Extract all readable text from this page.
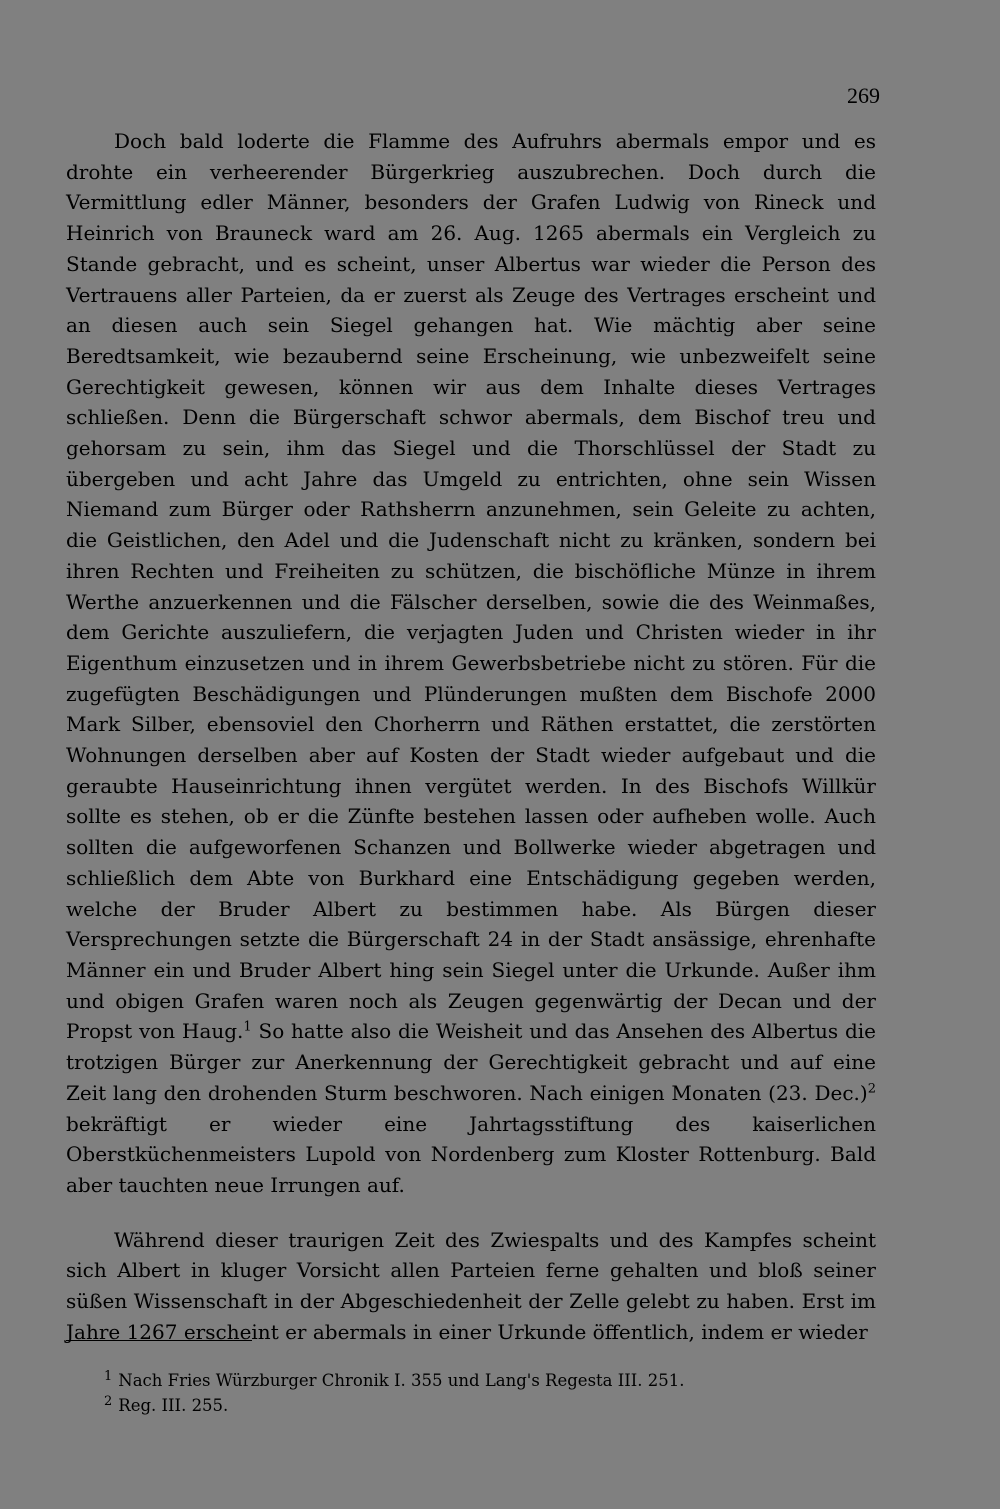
269

Doch bald loderte die Flamme des Aufruhrs abermals empor und es drohte ein verheerender Bürgerkrieg auszubrechen. Doch durch die Vermittlung edler Männer, besonders der Grafen Ludwig von Rineck und Heinrich von Brauneck ward am 26. Aug. 1265 abermals ein Vergleich zu Stande gebracht, und es scheint, unser Albertus war wieder die Person des Vertrauens aller Parteien, da er zuerst als Zeuge des Vertrages erscheint und an diesen auch sein Siegel gehangen hat. Wie mächtig aber seine Beredtsamkeit, wie bezaubernd seine Erscheinung, wie unbezweifelt seine Gerechtigkeit gewesen, können wir aus dem Inhalte dieses Vertrages schließen. Denn die Bürgerschaft schwor abermals, dem Bischof treu und gehorsam zu sein, ihm das Siegel und die Thorschlüssel der Stadt zu übergeben und acht Jahre das Umgeld zu entrichten, ohne sein Wissen Niemand zum Bürger oder Rathsherrn anzunehmen, sein Geleite zu achten, die Geistlichen, den Adel und die Judenschaft nicht zu kränken, sondern bei ihren Rechten und Freiheiten zu schützen, die bischöfliche Münze in ihrem Werthe anzuerkennen und die Fälscher derselben, sowie die des Weinmaßes, dem Gerichte auszuliefern, die verjagten Juden und Christen wieder in ihr Eigenthum einzusetzen und in ihrem Gewerbsbetriebe nicht zu stören. Für die zugefügten Beschädigungen und Plünderungen mußten dem Bischofe 2000 Mark Silber, ebensoviel den Chorherrn und Räthen erstattet, die zerstörten Wohnungen derselben aber auf Kosten der Stadt wieder aufgebaut und die geraubte Hauseinrichtung ihnen vergütet werden. In des Bischofs Willkür sollte es stehen, ob er die Zünfte bestehen lassen oder aufheben wolle. Auch sollten die aufgeworfenen Schanzen und Bollwerke wieder abgetragen und schließlich dem Abte von Burkhard eine Entschädigung gegeben werden, welche der Bruder Albert zu bestimmen habe. Als Bürgen dieser Versprechungen setzte die Bürgerschaft 24 in der Stadt ansässige, ehrenhafte Männer ein und Bruder Albert hing sein Siegel unter die Urkunde. Außer ihm und obigen Grafen waren noch als Zeugen gegenwärtig der Decan und der Propst von Haug.$^1$ So hatte also die Weisheit und das Ansehen des Albertus die trotzigen Bürger zur Anerkennung der Gerechtigkeit gebracht und auf eine Zeit lang den drohenden Sturm beschworen. Nach einigen Monaten (23. Dec.)$^2$ bekräftigt er wieder eine Jahrtagsstiftung des kaiserlichen Oberstküchenmeisters Lupold von Nordenberg zum Kloster Rottenburg. Bald aber tauchten neue Irrungen auf.

Während dieser traurigen Zeit des Zwiespalts und des Kampfes scheint sich Albert in kluger Vorsicht allen Parteien ferne gehalten und bloß seiner süßen Wissenschaft in der Abgeschiedenheit der Zelle gelebt zu haben. Erst im Jahre 1267 erscheint er abermals in einer Urkunde öffentlich, indem er wieder

$^1$ Nach Fries Würzburger Chronik I. 355 und Lang's Regesta III. 251.

$^2$ Reg. III. 255.
